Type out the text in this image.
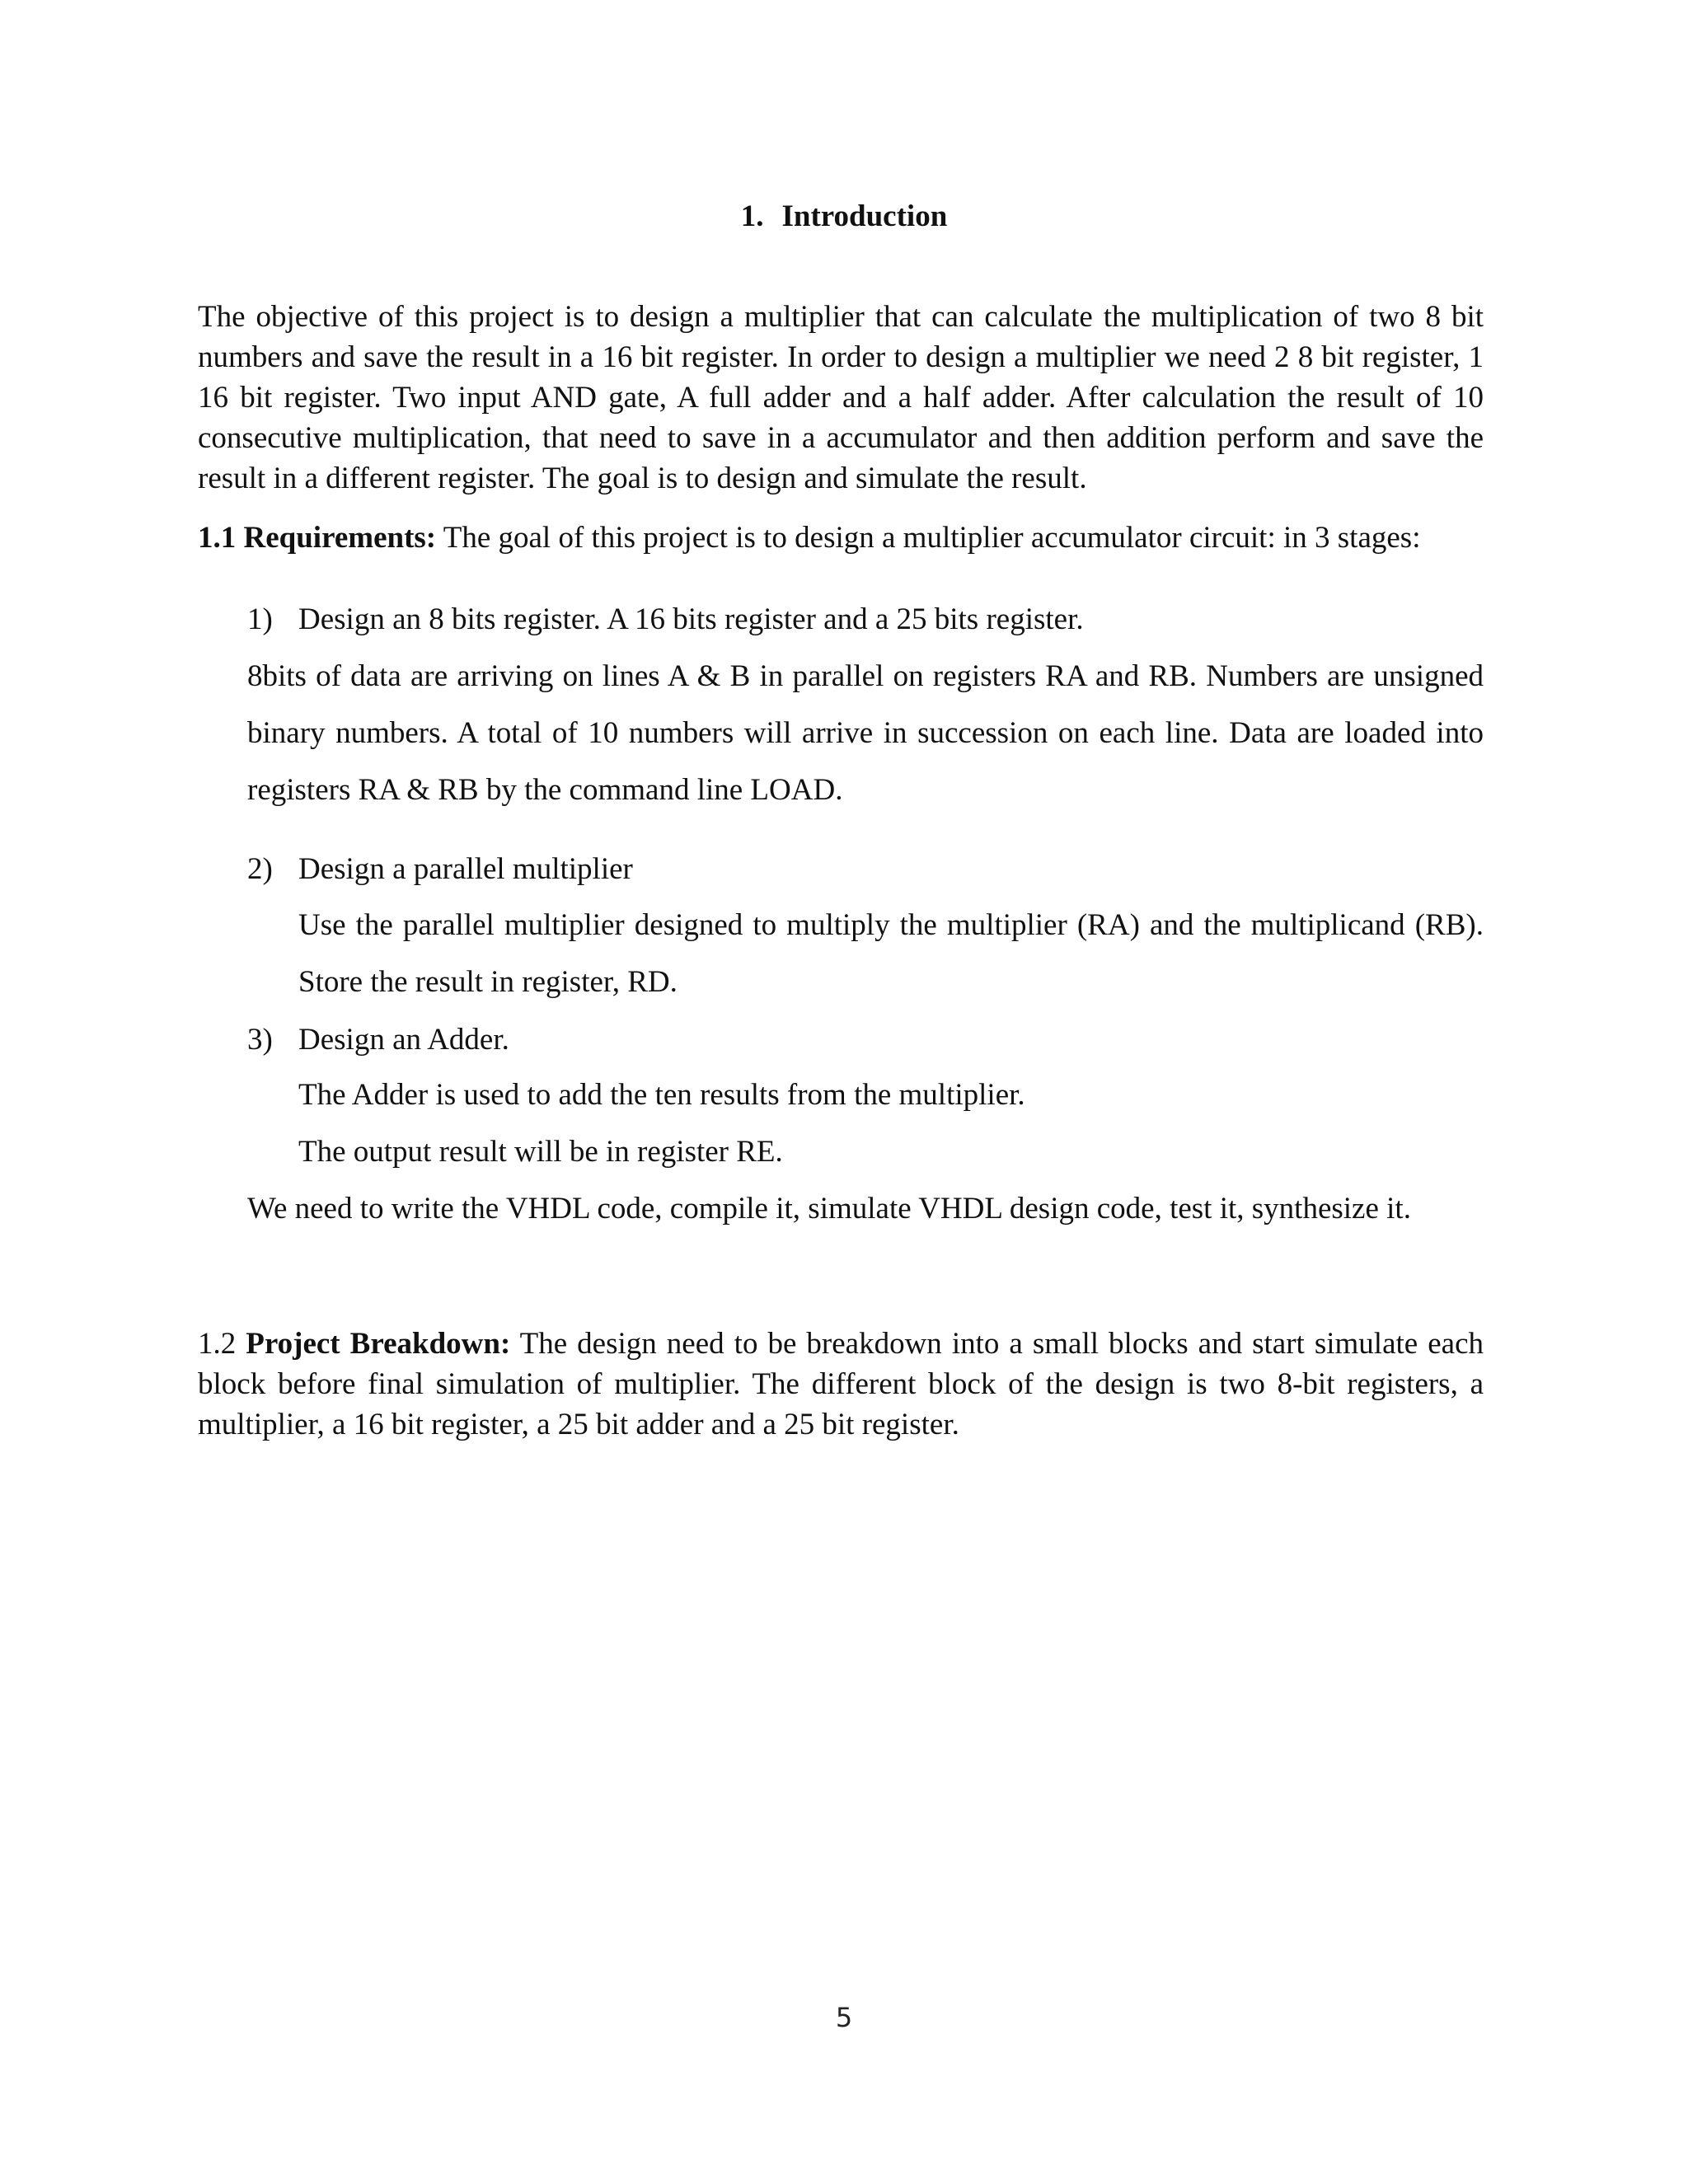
1. Introduction
The objective of this project is to design a multiplier that can calculate the multiplication of two 8 bit numbers and save the result in a 16 bit register. In order to design a multiplier we need 2 8 bit register, 1 16 bit register. Two input AND gate, A full adder and a half adder. After calculation the result of 10 consecutive multiplication, that need to save in a accumulator and then addition perform and save the result in a different register. The goal is to design and simulate the result.
1.1 Requirements: The goal of this project is to design a multiplier accumulator circuit: in 3 stages:
1) Design an 8 bits register. A 16 bits register and a 25 bits register.
8bits of data are arriving on lines A & B in parallel on registers RA and RB. Numbers are unsigned binary numbers. A total of 10 numbers will arrive in succession on each line. Data are loaded into registers RA & RB by the command line LOAD.
2) Design a parallel multiplier
Use the parallel multiplier designed to multiply the multiplier (RA) and the multiplicand (RB). Store the result in register, RD.
3) Design an Adder.
The Adder is used to add the ten results from the multiplier.
The output result will be in register RE.
We need to write the VHDL code, compile it, simulate VHDL design code, test it, synthesize it.
1.2 Project Breakdown: The design need to be breakdown into a small blocks and start simulate each block before final simulation of multiplier. The different block of the design is two 8-bit registers, a multiplier, a 16 bit register, a 25 bit adder and a 25 bit register.
5
